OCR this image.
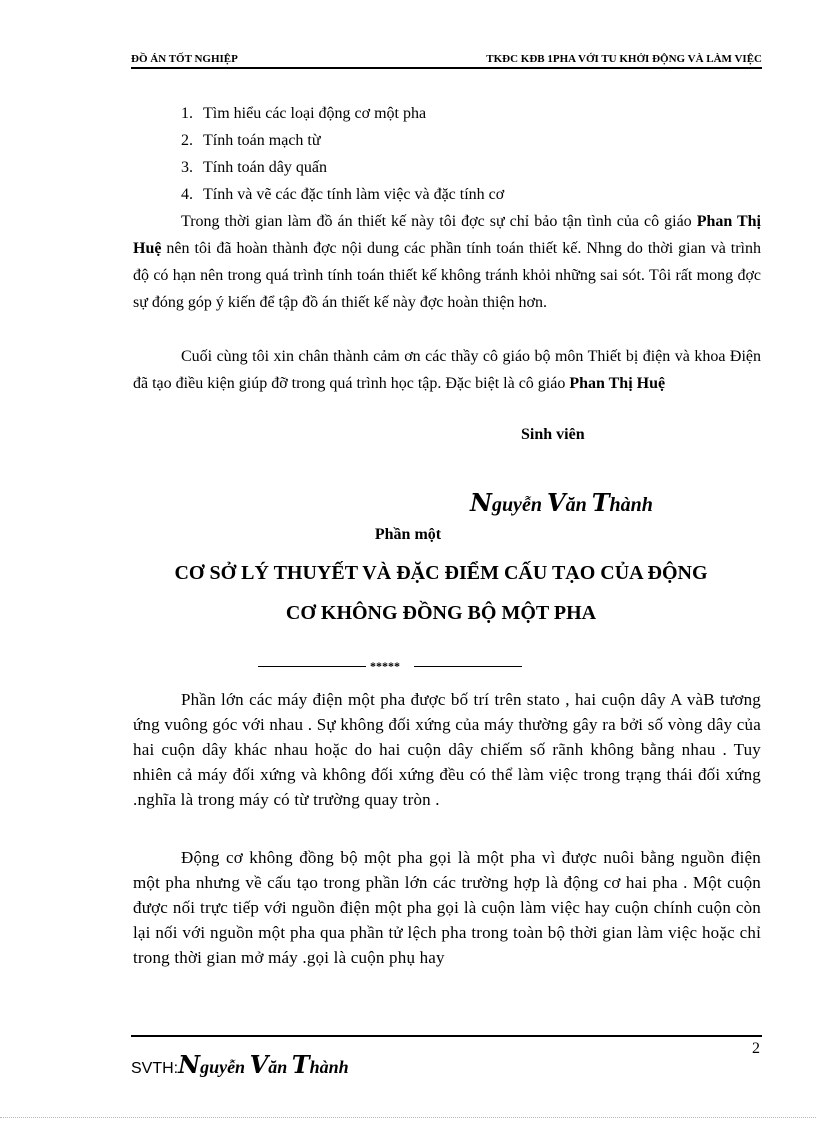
ĐỒ ÁN TỐT NGHIỆP	TKĐC KĐB 1PHA VỚI TU KHỞI ĐỘNG VÀ LÀM VIỆC
1. Tìm hiểu các loại động cơ một pha
2. Tính toán mạch từ
3. Tính toán dây quấn
4. Tính và vẽ các đặc tính làm việc và đặc tính cơ
Trong thời gian làm đồ án thiết kế này tôi đợc sự chỉ bảo tận tình của cô giáo Phan Thị Huệ nên tôi đã hoàn thành đợc nội dung các phần tính toán thiết kế. Nhng do thời gian và trình độ có hạn nên trong quá trình tính toán thiết kế không tránh khỏi những sai sót. Tôi rất mong đợc sự đóng góp ý kiến để tập đồ án thiết kế này đợc hoàn thiện hơn.
Cuối cùng tôi xin chân thành cảm ơn các thầy cô giáo bộ môn Thiết bị điện và khoa Điện đã tạo điều kiện giúp đỡ trong quá trình học tập. Đặc biệt là cô giáo Phan Thị Huệ
Sinh viên
Nguyễn Văn Thành
Phần một
CƠ SỞ LÝ THUYẾT VÀ ĐẶC ĐIỂM CẤU TẠO CỦA ĐỘNG
CƠ KHÔNG ĐỒNG BỘ MỘT PHA
*****
Phần lớn các máy điện một pha được bố trí trên stato , hai cuộn dây A vàB tương ứng vuông góc với nhau . Sự không đối xứng của máy thường gây ra bởi số vòng dây của hai cuộn dây khác nhau hoặc do hai cuộn dây chiếm số rãnh không bằng nhau . Tuy nhiên cả máy đối xứng và không đối xứng đều có thể làm việc trong trạng thái đối xứng .nghĩa là trong máy có từ trường quay tròn .
Động cơ không đồng bộ một pha gọi là một pha vì được nuôi bằng nguồn điện một pha nhưng về cấu tạo trong phần lớn các trường hợp là động cơ hai pha . Một cuộn được nối trực tiếp với nguồn điện một pha gọi là cuộn làm việc hay cuộn chính cuộn còn lại nối với nguồn một pha qua phần tử lệch pha trong toàn bộ thời gian làm việc hoặc chỉ trong thời gian mở máy .gọi là cuộn phụ hay
2
SVTH:Nguyễn Văn Thành
